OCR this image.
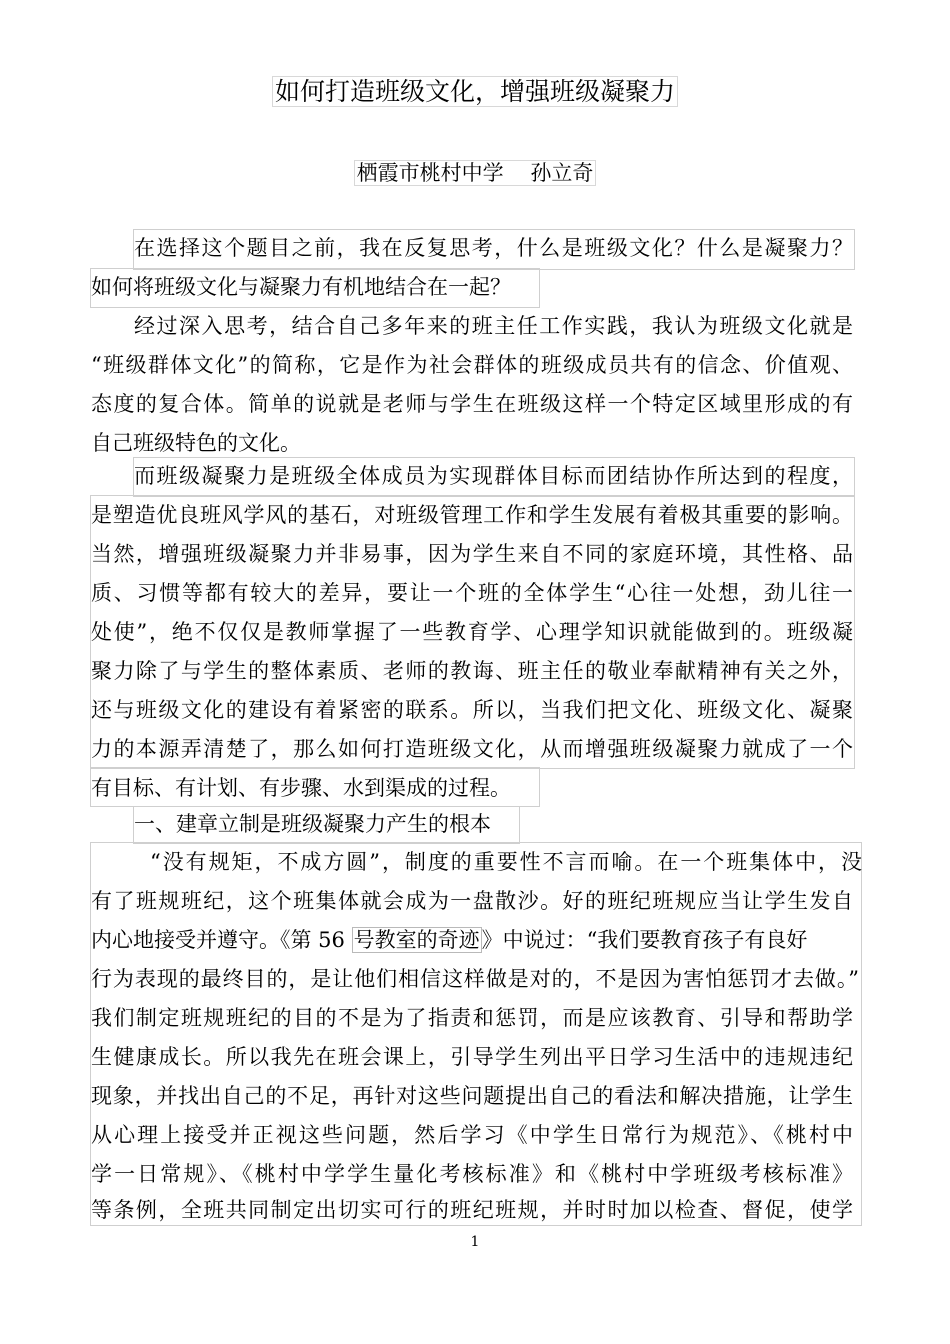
如何打造班级文化，增强班级凝聚力
栖霞市桃村中学    孙立奇
在选择这个题目之前，我在反复思考，什么是班级文化？什么是凝聚力？
如何将班级文化与凝聚力有机地结合在一起？
经过深入思考，结合自己多年来的班主任工作实践，我认为班级文化就是
“班级群体文化”的简称，它是作为社会群体的班级成员共有的信念、价值观、
态度的复合体。简单的说就是老师与学生在班级这样一个特定区域里形成的有
自己班级特色的文化。
而班级凝聚力是班级全体成员为实现群体目标而团结协作所达到的程度，
是塑造优良班风学风的基石，对班级管理工作和学生发展有着极其重要的影响。
当然，增强班级凝聚力并非易事，因为学生来自不同的家庭环境，其性格、品
质、习惯等都有较大的差异，要让一个班的全体学生“心往一处想，劲儿往一
处使”，绝不仅仅是教师掌握了一些教育学、心理学知识就能做到的。班级凝
聚力除了与学生的整体素质、老师的教诲、班主任的敬业奉献精神有关之外，
还与班级文化的建设有着紧密的联系。所以，当我们把文化、班级文化、凝聚
力的本源弄清楚了，那么如何打造班级文化，从而增强班级凝聚力就成了一个
有目标、有计划、有步骤、水到渠成的过程。
一、建章立制是班级凝聚力产生的根本
“没有规矩，不成方圆”，制度的重要性不言而喻。在一个班集体中，没
有了班规班纪，这个班集体就会成为一盘散沙。好的班纪班规应当让学生发自
内心地接受并遵守。《第 56 号教室的奇迹》中说过：“我们要教育孩子有良好
行为表现的最终目的，是让他们相信这样做是对的，不是因为害怕惩罚才去做。”
我们制定班规班纪的目的不是为了指责和惩罚，而是应该教育、引导和帮助学
生健康成长。所以我先在班会课上，引导学生列出平日学习生活中的违规违纪
现象，并找出自己的不足，再针对这些问题提出自己的看法和解决措施，让学生
从心理上接受并正视这些问题，然后学习《中学生日常行为规范》、《桃村中
学一日常规》、《桃村中学学生量化考核标准》和《桃村中学班级考核标准》
等条例，全班共同制定出切实可行的班纪班规，并时时加以检查、督促，使学
1
